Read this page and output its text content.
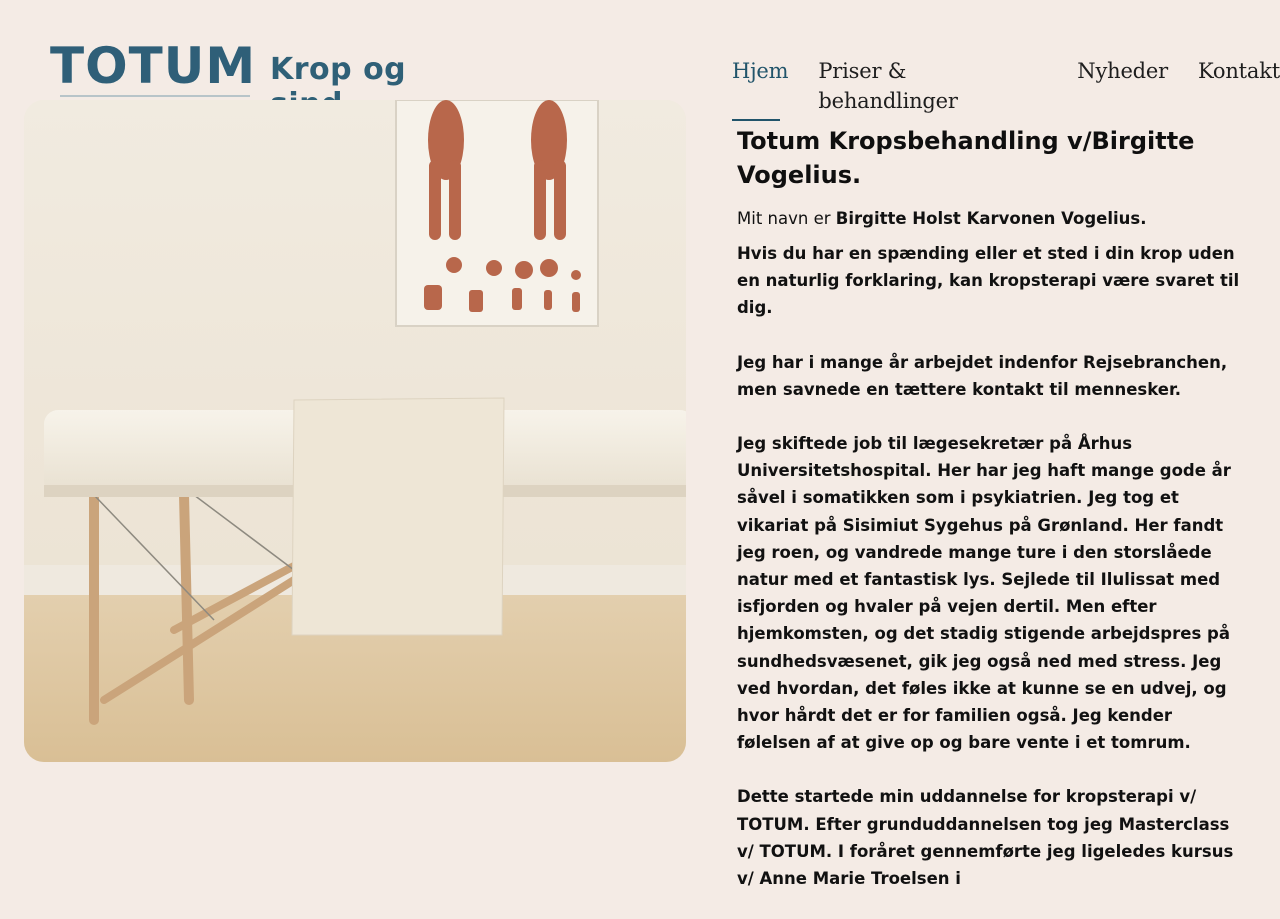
TOTUM Krop og	Hjem Priser & behandlinger
Nyheder Kontakt
Totum Kropsbehandling v/Birgitte Vogelius.

Mit navn er Birgitte Holst Karvonen Vogelius.

Hvis du har en spænding eller et sted i din krop uden en naturlig forklaring, kan kropsterapi være svaret til dig.

Jeg har i mange år arbejdet indenfor Rejsebranchen, men savnede en tættere kontakt til mennesker.

Jeg skiftede job til lægesekretær på Århus Universitetshospital. Her har jeg haft mange gode år såvel i somatikken som i psykiatrien. Jeg tog et vikariat på Sisimiut Sygehus på Grønland. Her fandt jeg roen, og vandrede mange ture i den storslåede natur med et fantastisk lys. Sejlede til Ilulissat med isfjorden og hvaler på vejen dertil. Men efter hjemkomsten, og det stadig stigende arbejdspres på sundhedsvæsenet, gik jeg også ned med stress. Jeg ved hvordan, det føles ikke at kunne se en udvej, og hvor hårdt det er for familien også. Jeg kender følelsen af at give op og bare vente i et tomrum.

Dette startede min uddannelse for kropsterapi v/ TOTUM. Efter grunduddannelsen tog jeg Masterclass v/ TOTUM. I foråret gennemførte jeg ligeledes kursus v/ Anne Marie Troelsen i
